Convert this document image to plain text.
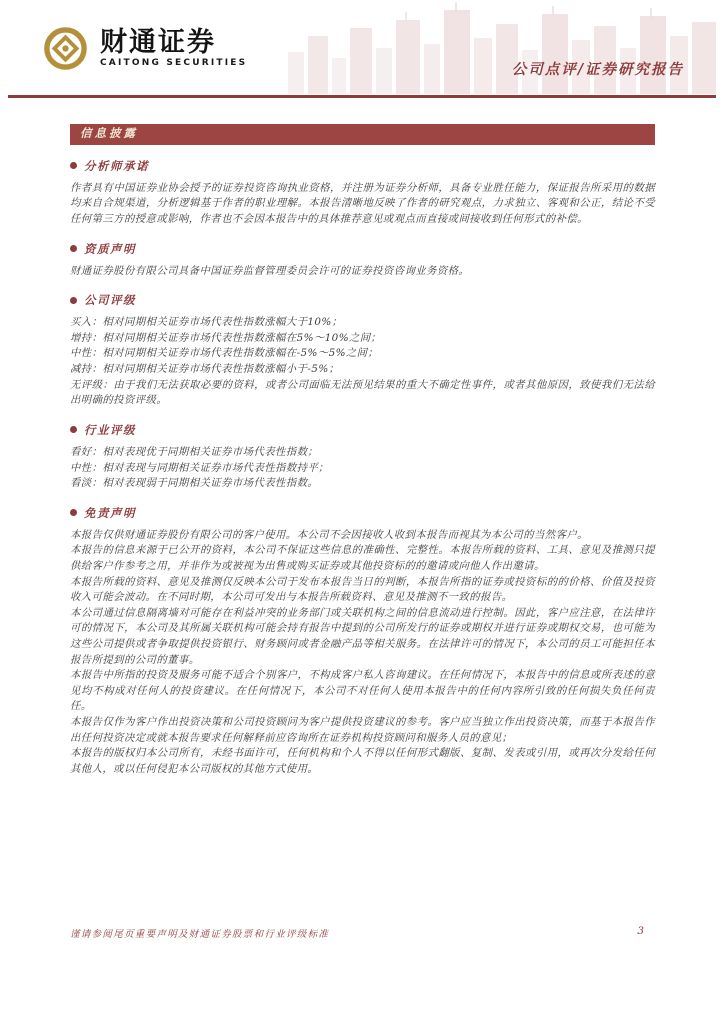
财通证券
CAITONG SECURITIES	公司点评/证券研究报告
信息披露
分析师承诺

作者具有中国证券业协会授予的证券投资咨询执业资格，并注册为证券分析师，具备专业胜任能力，保证报告所采用的数据均来自合规渠道，分析逻辑基于作者的职业理解。本报告清晰地反映了作者的研究观点，力求独立、客观和公正，结论不受任何第三方的授意或影响，作者也不会因本报告中的具体推荐意见或观点而直接或间接收到任何形式的补偿。

资质声明

财通证券股份有限公司具备中国证券监督管理委员会许可的证券投资咨询业务资格。

公司评级

买入：相对同期相关证券市场代表性指数涨幅大于10%；

增持：相对同期相关证券市场代表性指数涨幅在5%～10%之间；

中性：相对同期相关证券市场代表性指数涨幅在-5%～5%之间；

减持：相对同期相关证券市场代表性指数涨幅小于-5%；

无评级：由于我们无法获取必要的资料，或者公司面临无法预见结果的重大不确定性事件，或者其他原因，致使我们无法给出明确的投资评级。

行业评级

看好：相对表现优于同期相关证券市场代表性指数；

中性：相对表现与同期相关证券市场代表性指数持平；

看淡：相对表现弱于同期相关证券市场代表性指数。

免责声明

本报告仅供财通证券股份有限公司的客户使用。本公司不会因接收人收到本报告而视其为本公司的当然客户。

本报告的信息来源于已公开的资料，本公司不保证这些信息的准确性、完整性。本报告所载的资料、工具、意见及推测只提供给客户作参考之用，并非作为或被视为出售或购买证券或其他投资标的的邀请或向他人作出邀请。

本报告所载的资料、意见及推测仅反映本公司于发布本报告当日的判断，本报告所指的证券或投资标的的价格、价值及投资收入可能会波动。在不同时期，本公司可发出与本报告所载资料、意见及推测不一致的报告。

本公司通过信息隔离墙对可能存在利益冲突的业务部门或关联机构之间的信息流动进行控制。因此，客户应注意，在法律许可的情况下，本公司及其所属关联机构可能会持有报告中提到的公司所发行的证券或期权并进行证券或期权交易，也可能为这些公司提供或者争取提供投资银行、财务顾问或者金融产品等相关服务。在法律许可的情况下，本公司的员工可能担任本报告所提到的公司的董事。

本报告中所指的投资及服务可能不适合个别客户，不构成客户私人咨询建议。在任何情况下，本报告中的信息或所表述的意见均不构成对任何人的投资建议。在任何情况下，本公司不对任何人使用本报告中的任何内容所引致的任何损失负任何责任。

本报告仅作为客户作出投资决策和公司投资顾问为客户提供投资建议的参考。客户应当独立作出投资决策，而基于本报告作出任何投资决定或就本报告要求任何解释前应咨询所在证券机构投资顾问和服务人员的意见；

本报告的版权归本公司所有，未经书面许可，任何机构和个人不得以任何形式翻版、复制、发表或引用，或再次分发给任何其他人，或以任何侵犯本公司版权的其他方式使用。

谨请参阅尾页重要声明及财通证券股票和行业评级标准	3
